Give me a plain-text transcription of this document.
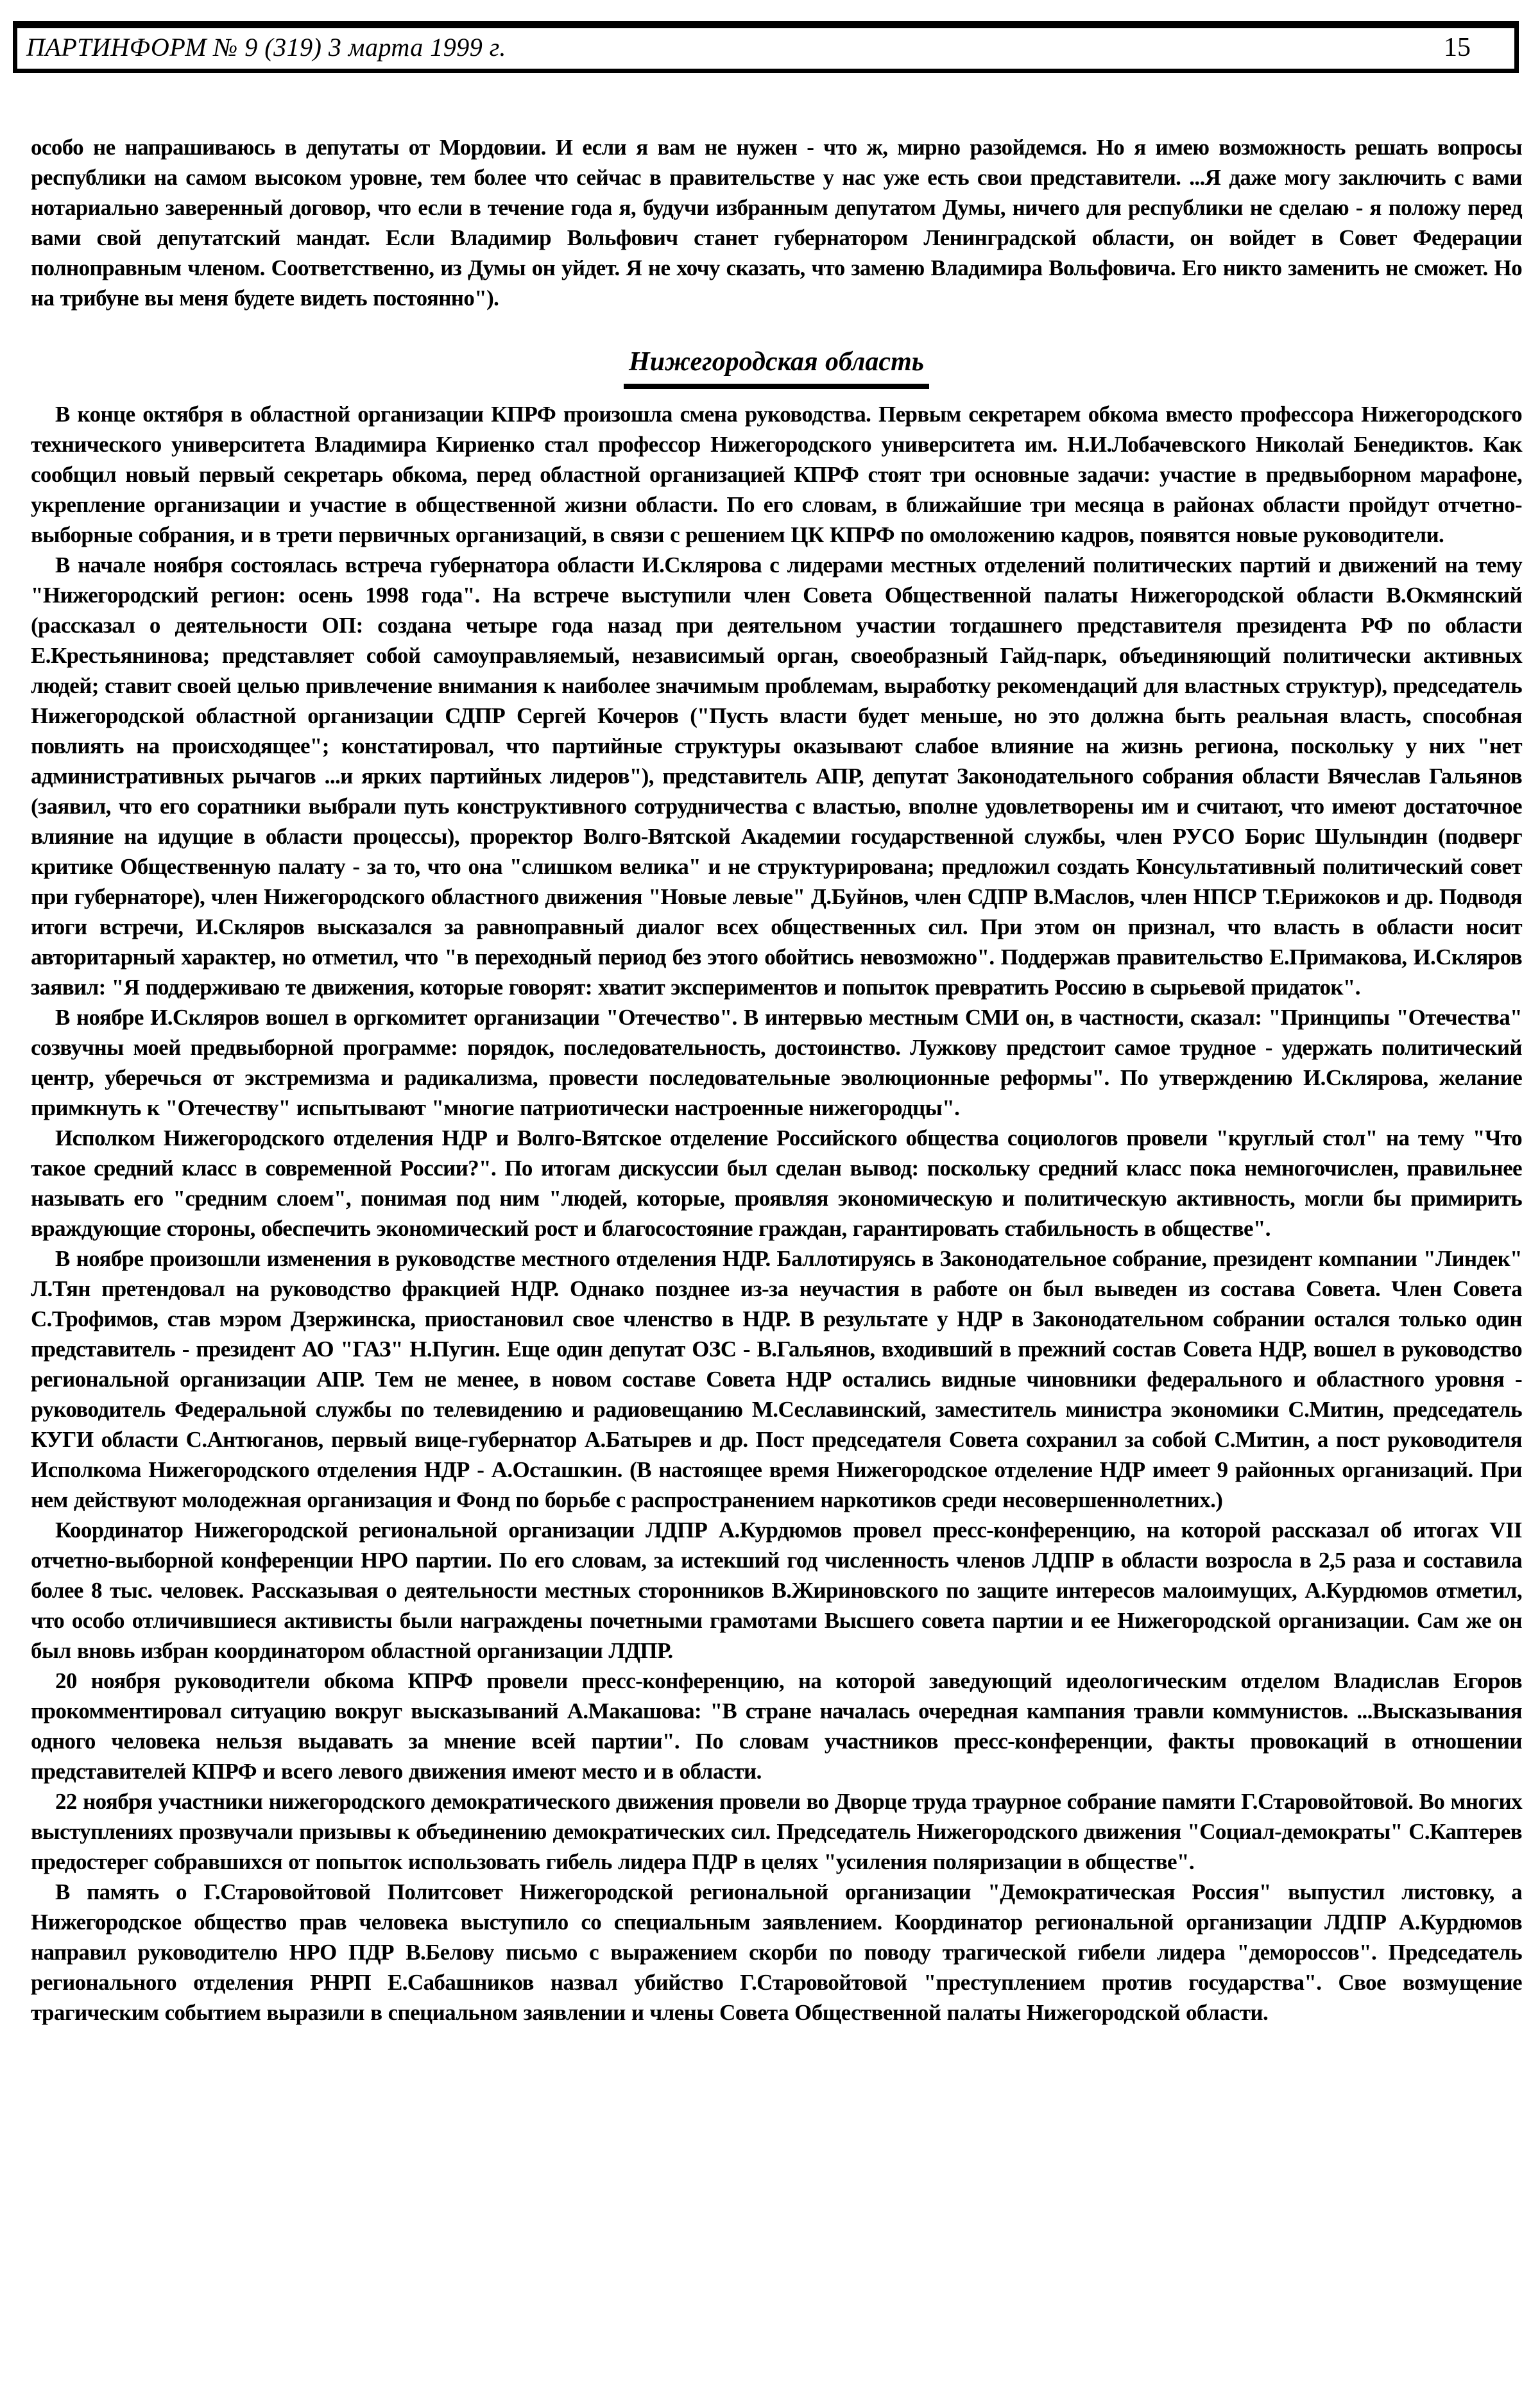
ПАРТИНФОРМ № 9 (319) 3 марта 1999 г.	15

особо не напрашиваюсь в депутаты от Мордовии. И если я вам не нужен - что ж, мирно разойдемся. Но я имею возможность решать вопросы республики на самом высоком уровне, тем более что сейчас в правительстве у нас уже есть свои представители. ...Я даже могу заключить с вами нотариально заверенный договор, что если в течение года я, будучи избранным депутатом Думы, ничего для республики не сделаю - я положу перед вами свой депутатский мандат. Если Владимир Вольфович станет губернатором Ленинградской области, он войдет в Совет Федерации полноправным членом. Соответственно, из Думы он уйдет. Я не хочу сказать, что заменю Владимира Вольфовича. Его никто заменить не сможет. Но на трибуне вы меня будете видеть постоянно").

Нижегородская область

В конце октября в областной организации КПРФ произошла смена руководства. Первым секретарем обкома вместо профессора Нижегородского технического университета Владимира Кириенко стал профессор Нижегородского университета им. Н.И.Лобачевского Николай Бенедиктов. Как сообщил новый первый секретарь обкома, перед областной организацией КПРФ стоят три основные задачи: участие в предвыборном марафоне, укрепление организации и участие в общественной жизни области. По его словам, в ближайшие три месяца в районах области пройдут отчетно-выборные собрания, и в трети первичных организаций, в связи с решением ЦК КПРФ по омоложению кадров, появятся новые руководители.

В начале ноября состоялась встреча губернатора области И.Склярова с лидерами местных отделений политических партий и движений на тему "Нижегородский регион: осень 1998 года". На встрече выступили член Совета Общественной палаты Нижегородской области В.Окмянский (рассказал о деятельности ОП: создана четыре года назад при деятельном участии тогдашнего представителя президента РФ по области Е.Крестьянинова; представляет собой самоуправляемый, независимый орган, своеобразный Гайд-парк, объединяющий политически активных людей; ставит своей целью привлечение внимания к наиболее значимым проблемам, выработку рекомендаций для властных структур), председатель Нижегородской областной организации СДПР Сергей Кочеров ("Пусть власти будет меньше, но это должна быть реальная власть, способная повлиять на происходящее"; констатировал, что партийные структуры оказывают слабое влияние на жизнь региона, поскольку у них "нет административных рычагов ...и ярких партийных лидеров"), представитель АПР, депутат Законодательного собрания области Вячеслав Гальянов (заявил, что его соратники выбрали путь конструктивного сотрудничества с властью, вполне удовлетворены им и считают, что имеют достаточное влияние на идущие в области процессы), проректор Волго-Вятской Академии государственной службы, член РУСО Борис Шулындин (подверг критике Общественную палату - за то, что она "слишком велика" и не структурирована; предложил создать Консультативный политический совет при губернаторе), член Нижегородского областного движения "Новые левые" Д.Буйнов, член СДПР В.Маслов, член НПСР Т.Ерижоков и др. Подводя итоги встречи, И.Скляров высказался за равноправный диалог всех общественных сил. При этом он признал, что власть в области носит авторитарный характер, но отметил, что "в переходный период без этого обойтись невозможно". Поддержав правительство Е.Примакова, И.Скляров заявил: "Я поддерживаю те движения, которые говорят: хватит экспериментов и попыток превратить Россию в сырьевой придаток".

В ноябре И.Скляров вошел в оргкомитет организации "Отечество". В интервью местным СМИ он, в частности, сказал: "Принципы "Отечества" созвучны моей предвыборной программе: порядок, последовательность, достоинство. Лужкову предстоит самое трудное - удержать политический центр, уберечься от экстремизма и радикализма, провести последовательные эволюционные реформы". По утверждению И.Склярова, желание примкнуть к "Отечеству" испытывают "многие патриотически настроенные нижегородцы".

Исполком Нижегородского отделения НДР и Волго-Вятское отделение Российского общества социологов провели "круглый стол" на тему "Что такое средний класс в современной России?". По итогам дискуссии был сделан вывод: поскольку средний класс пока немногочислен, правильнее называть его "средним слоем", понимая под ним "людей, которые, проявляя экономическую и политическую активность, могли бы примирить враждующие стороны, обеспечить экономический рост и благосостояние граждан, гарантировать стабильность в обществе".

В ноябре произошли изменения в руководстве местного отделения НДР. Баллотируясь в Законодательное собрание, президент компании "Линдек" Л.Тян претендовал на руководство фракцией НДР. Однако позднее из-за неучастия в работе он был выведен из состава Совета. Член Совета С.Трофимов, став мэром Дзержинска, приостановил свое членство в НДР. В результате у НДР в Законодательном собрании остался только один представитель - президент АО "ГАЗ" Н.Пугин. Еще один депутат ОЗС - В.Гальянов, входивший в прежний состав Совета НДР, вошел в руководство региональной организации АПР. Тем не менее, в новом составе Совета НДР остались видные чиновники федерального и областного уровня - руководитель Федеральной службы по телевидению и радиовещанию М.Сеславинский, заместитель министра экономики С.Митин, председатель КУГИ области С.Антюганов, первый вице-губернатор А.Батырев и др. Пост председателя Совета сохранил за собой С.Митин, а пост руководителя Исполкома Нижегородского отделения НДР - А.Осташкин. (В настоящее время Нижегородское отделение НДР имеет 9 районных организаций. При нем действуют молодежная организация и Фонд по борьбе с распространением наркотиков среди несовершеннолетних.)

Координатор Нижегородской региональной организации ЛДПР А.Курдюмов провел пресс-конференцию, на которой рассказал об итогах VII отчетно-выборной конференции НРО партии. По его словам, за истекший год численность членов ЛДПР в области возросла в 2,5 раза и составила более 8 тыс. человек. Рассказывая о деятельности местных сторонников В.Жириновского по защите интересов малоимущих, А.Курдюмов отметил, что особо отличившиеся активисты были награждены почетными грамотами Высшего совета партии и ее Нижегородской организации. Сам же он был вновь избран координатором областной организации ЛДПР.

20 ноября руководители обкома КПРФ провели пресс-конференцию, на которой заведующий идеологическим отделом Владислав Егоров прокомментировал ситуацию вокруг высказываний А.Макашова: "В стране началась очередная кампания травли коммунистов. ...Высказывания одного человека нельзя выдавать за мнение всей партии". По словам участников пресс-конференции, факты провокаций в отношении представителей КПРФ и всего левого движения имеют место и в области.

22 ноября участники нижегородского демократического движения провели во Дворце труда траурное собрание памяти Г.Старовойтовой. Во многих выступлениях прозвучали призывы к объединению демократических сил. Председатель Нижегородского движения "Социал-демократы" С.Каптерев предостерег собравшихся от попыток использовать гибель лидера ПДР в целях "усиления поляризации в обществе".

В память о Г.Старовойтовой Политсовет Нижегородской региональной организации "Демократическая Россия" выпустил листовку, а Нижегородское общество прав человека выступило со специальным заявлением. Координатор региональной организации ЛДПР А.Курдюмов направил руководителю НРО ПДР В.Белову письмо с выражением скорби по поводу трагической гибели лидера "демороссов". Председатель регионального отделения РНРП Е.Сабашников назвал убийство Г.Старовойтовой "преступлением против государства". Свое возмущение трагическим событием выразили в специальном заявлении и члены Совета Общественной палаты Нижегородской области.
